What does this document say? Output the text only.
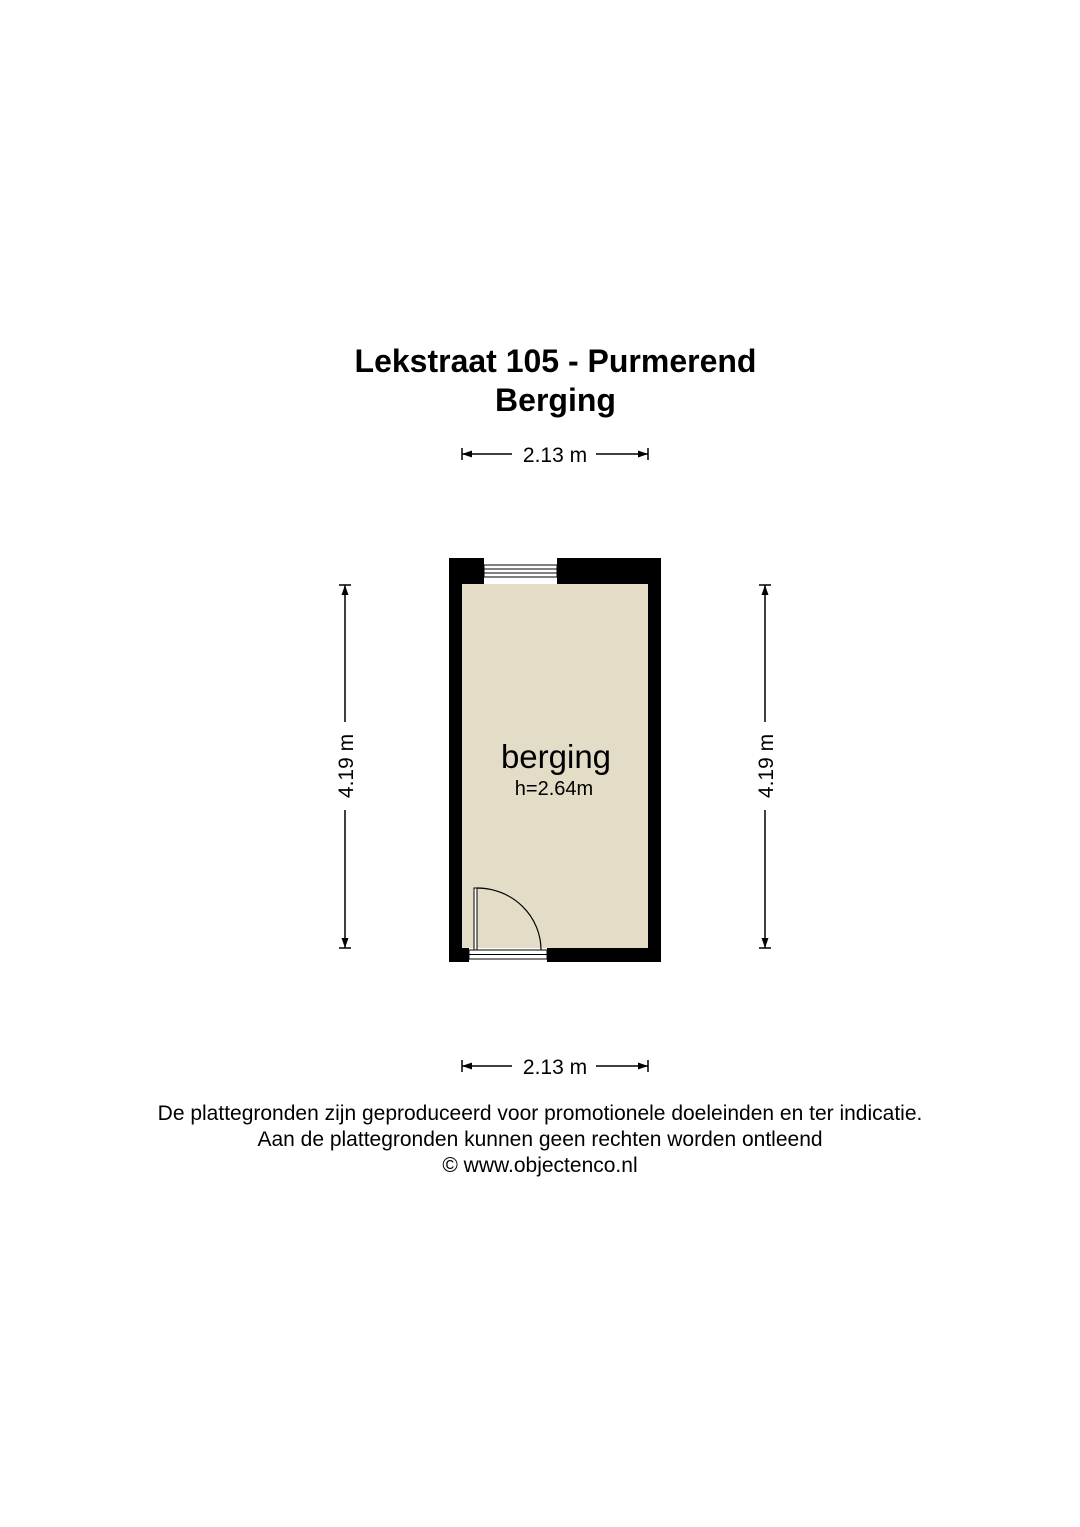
Lekstraat 105 - Purmerend
Berging
2.13 m
2.13 m
4.19 m	4.19 m
berging
h=2.64m
De plattegronden zijn geproduceerd voor promotionele doeleinden en ter indicatie.
Aan de plattegronden kunnen geen rechten worden ontleend
© www.objectenco.nl
